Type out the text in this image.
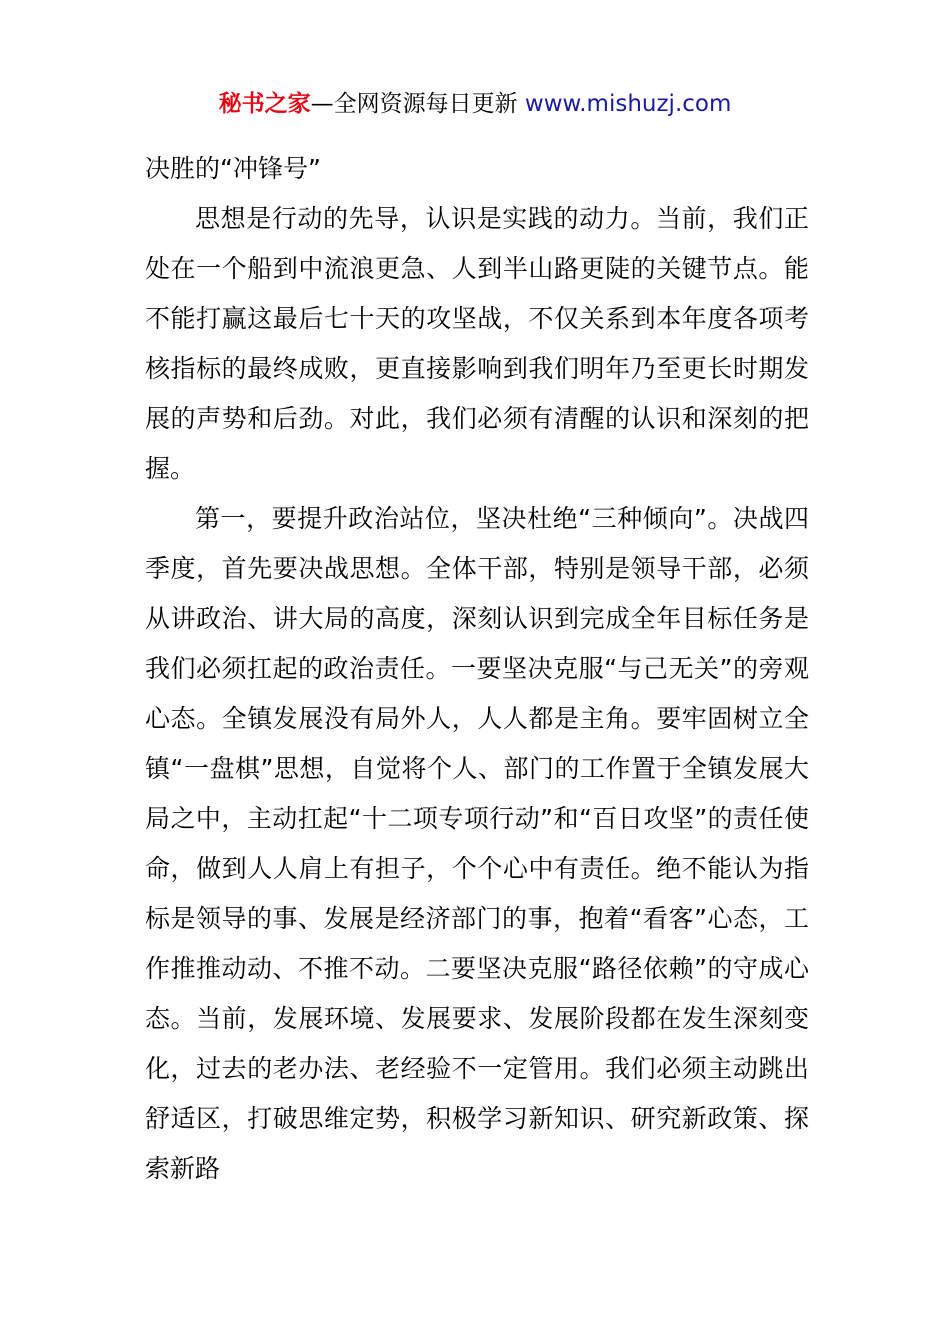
秘书之家—全网资源每日更新 www.mishuzj.com

决胜的“冲锋号”

思想是行动的先导，认识是实践的动力。当前，我们正处在一个船到中流浪更急、人到半山路更陡的关键节点。能不能打赢这最后七十天的攻坚战，不仅关系到本年度各项考核指标的最终成败，更直接影响到我们明年乃至更长时期发展的声势和后劲。对此，我们必须有清醒的认识和深刻的把握。

第一，要提升政治站位，坚决杜绝“三种倾向”。决战四季度，首先要决战思想。全体干部，特别是领导干部，必须从讲政治、讲大局的高度，深刻认识到完成全年目标任务是我们必须扛起的政治责任。一要坚决克服“与己无关”的旁观心态。全镇发展没有局外人，人人都是主角。要牢固树立全镇“一盘棋”思想，自觉将个人、部门的工作置于全镇发展大局之中，主动扛起“十二项专项行动”和“百日攻坚”的责任使命，做到人人肩上有担子，个个心中有责任。绝不能认为指标是领导的事、发展是经济部门的事，抱着“看客”心态，工作推推动动、不推不动。二要坚决克服“路径依赖”的守成心态。当前，发展环境、发展要求、发展阶段都在发生深刻变化，过去的老办法、老经验不一定管用。我们必须主动跳出舒适区，打破思维定势，积极学习新知识、研究新政策、探索新路
